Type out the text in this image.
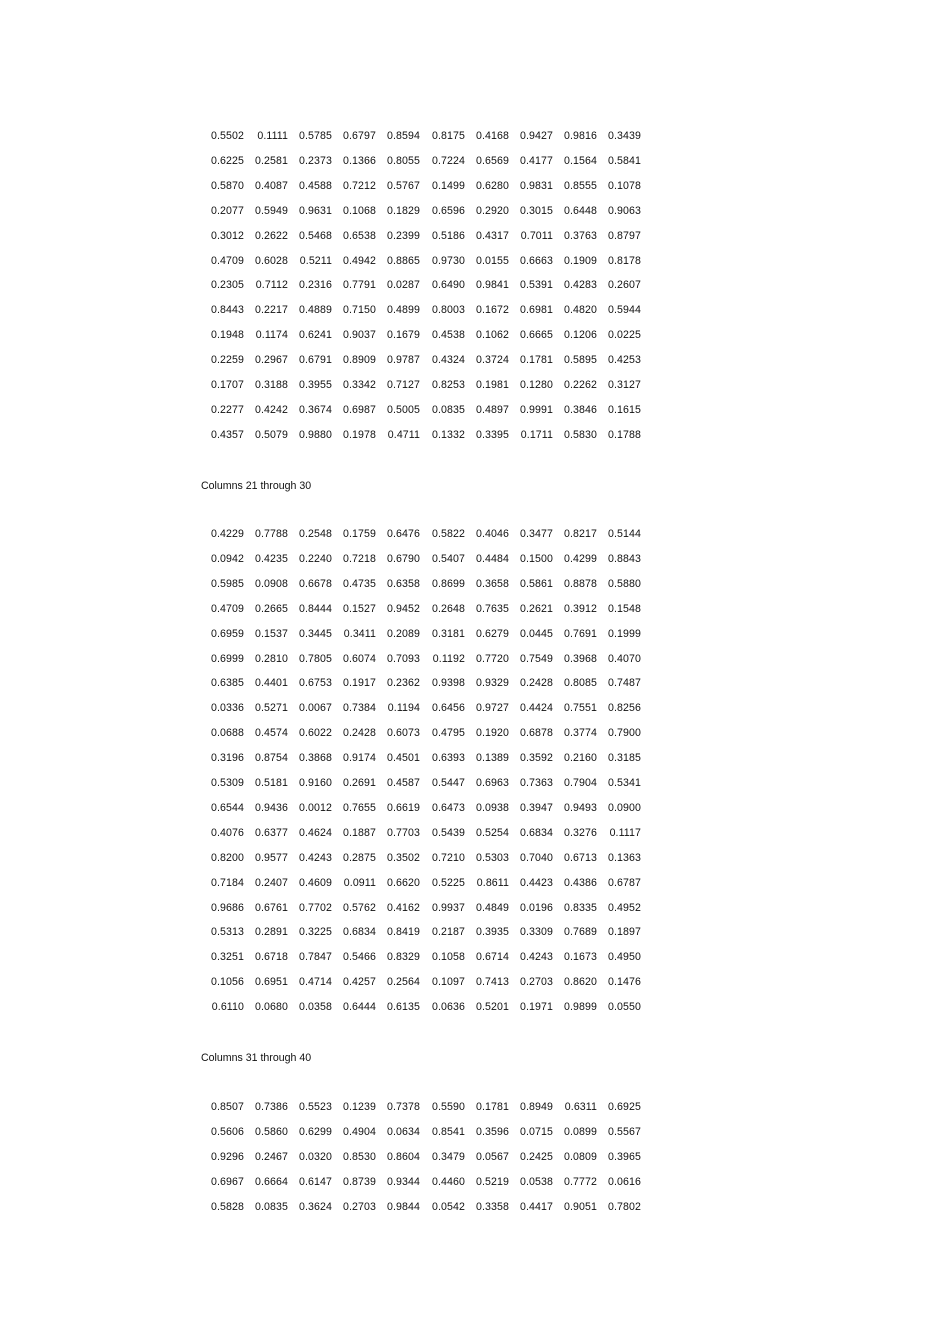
0.5502	0.1111	0.5785	0.6797	0.8594	0.8175	0.4168	0.9427	0.9816	0.3439
0.6225	0.2581	0.2373	0.1366	0.8055	0.7224	0.6569	0.4177	0.1564	0.5841
0.5870	0.4087	0.4588	0.7212	0.5767	0.1499	0.6280	0.9831	0.8555	0.1078
0.2077	0.5949	0.9631	0.1068	0.1829	0.6596	0.2920	0.3015	0.6448	0.9063
0.3012	0.2622	0.5468	0.6538	0.2399	0.5186	0.4317	0.7011	0.3763	0.8797
0.4709	0.6028	0.5211	0.4942	0.8865	0.9730	0.0155	0.6663	0.1909	0.8178
0.2305	0.7112	0.2316	0.7791	0.0287	0.6490	0.9841	0.5391	0.4283	0.2607
0.8443	0.2217	0.4889	0.7150	0.4899	0.8003	0.1672	0.6981	0.4820	0.5944
0.1948	0.1174	0.6241	0.9037	0.1679	0.4538	0.1062	0.6665	0.1206	0.0225
0.2259	0.2967	0.6791	0.8909	0.9787	0.4324	0.3724	0.1781	0.5895	0.4253
0.1707	0.3188	0.3955	0.3342	0.7127	0.8253	0.1981	0.1280	0.2262	0.3127
0.2277	0.4242	0.3674	0.6987	0.5005	0.0835	0.4897	0.9991	0.3846	0.1615
0.4357	0.5079	0.9880	0.1978	0.4711	0.1332	0.3395	0.1711	0.5830	0.1788
Columns 21 through 30
0.4229	0.7788	0.2548	0.1759	0.6476	0.5822	0.4046	0.3477	0.8217	0.5144
0.0942	0.4235	0.2240	0.7218	0.6790	0.5407	0.4484	0.1500	0.4299	0.8843
0.5985	0.0908	0.6678	0.4735	0.6358	0.8699	0.3658	0.5861	0.8878	0.5880
0.4709	0.2665	0.8444	0.1527	0.9452	0.2648	0.7635	0.2621	0.3912	0.1548
0.6959	0.1537	0.3445	0.3411	0.2089	0.3181	0.6279	0.0445	0.7691	0.1999
0.6999	0.2810	0.7805	0.6074	0.7093	0.1192	0.7720	0.7549	0.3968	0.4070
0.6385	0.4401	0.6753	0.1917	0.2362	0.9398	0.9329	0.2428	0.8085	0.7487
0.0336	0.5271	0.0067	0.7384	0.1194	0.6456	0.9727	0.4424	0.7551	0.8256
0.0688	0.4574	0.6022	0.2428	0.6073	0.4795	0.1920	0.6878	0.3774	0.7900
0.3196	0.8754	0.3868	0.9174	0.4501	0.6393	0.1389	0.3592	0.2160	0.3185
0.5309	0.5181	0.9160	0.2691	0.4587	0.5447	0.6963	0.7363	0.7904	0.5341
0.6544	0.9436	0.0012	0.7655	0.6619	0.6473	0.0938	0.3947	0.9493	0.0900
0.4076	0.6377	0.4624	0.1887	0.7703	0.5439	0.5254	0.6834	0.3276	0.1117
0.8200	0.9577	0.4243	0.2875	0.3502	0.7210	0.5303	0.7040	0.6713	0.1363
0.7184	0.2407	0.4609	0.0911	0.6620	0.5225	0.8611	0.4423	0.4386	0.6787
0.9686	0.6761	0.7702	0.5762	0.4162	0.9937	0.4849	0.0196	0.8335	0.4952
0.5313	0.2891	0.3225	0.6834	0.8419	0.2187	0.3935	0.3309	0.7689	0.1897
0.3251	0.6718	0.7847	0.5466	0.8329	0.1058	0.6714	0.4243	0.1673	0.4950
0.1056	0.6951	0.4714	0.4257	0.2564	0.1097	0.7413	0.2703	0.8620	0.1476
0.6110	0.0680	0.0358	0.6444	0.6135	0.0636	0.5201	0.1971	0.9899	0.0550
Columns 31 through 40
0.8507	0.7386	0.5523	0.1239	0.7378	0.5590	0.1781	0.8949	0.6311	0.6925
0.5606	0.5860	0.6299	0.4904	0.0634	0.8541	0.3596	0.0715	0.0899	0.5567
0.9296	0.2467	0.0320	0.8530	0.8604	0.3479	0.0567	0.2425	0.0809	0.3965
0.6967	0.6664	0.6147	0.8739	0.9344	0.4460	0.5219	0.0538	0.7772	0.0616
0.5828	0.0835	0.3624	0.2703	0.9844	0.0542	0.3358	0.4417	0.9051	0.7802
